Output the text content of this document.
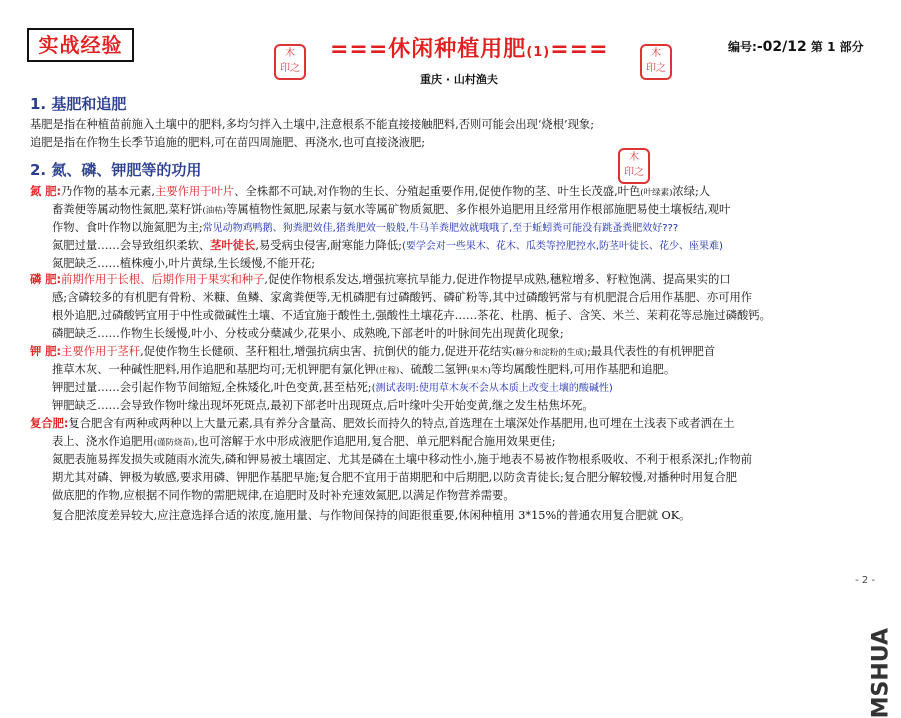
实战经验	木
印之
木
印之
木
印之
===休闲种植用肥(1)===
重庆 · 山村渔夫
编号:-02/12 第 1 部分
1. 基肥和追肥
基肥是指在种植苗前施入土壤中的肥料,多均匀拌入土壤中,注意根系不能直接接触肥料,否则可能会出现‘烧根’现象;
追肥是指在作物生长季节追施的肥料,可在苗四周施肥、再浇水,也可直接浇液肥;
2. 氮、磷、钾肥等的功用
氮 肥:乃作物的基本元素,主要作用于叶片、全株都不可缺,对作物的生长、分殖起重要作用,促使作物的茎、叶生长茂盛,叶色(叶绿素)浓绿;人
畜粪便等属动物性氮肥,菜籽饼(油枯)等属植物性氮肥,尿素与氨水等属矿物质氮肥、多作根外追肥用且经常用作根部施肥易使土壤板结,观叶
作物、食叶作物以施氮肥为主;常见动物鸡鸭鹅、狗粪肥效佳,猪粪肥效一般般,牛马羊粪肥效就哦哦了,至于蚯蚓粪可能没有跳蚤粪肥效好???
氮肥过量……会导致组织柔软、茎叶徒长,易受病虫侵害,耐寒能力降低;(要学会对一些果木、花木、瓜类等控肥控水,防茎叶徒长、花少、座果难)
氮肥缺乏……植株瘦小,叶片黄绿,生长缓慢,不能开花;
磷 肥:前期作用于长根、后期作用于果实和种子,促使作物根系发达,增强抗寒抗旱能力,促进作物提早成熟,穗粒增多、籽粒饱满、提高果实的口
感;含磷较多的有机肥有骨粉、米糠、鱼鳞、家禽粪便等,无机磷肥有过磷酸钙、磷矿粉等,其中过磷酸钙常与有机肥混合后用作基肥、亦可用作
根外追肥,过磷酸钙宜用于中性或微碱性土壤、不适宜施于酸性土,强酸性土壤花卉……茶花、杜鹃、栀子、含笑、米兰、茉莉花等忌施过磷酸钙。
磷肥缺乏……作物生长缓慢,叶小、分枝或分蘖减少,花果小、成熟晚,下部老叶的叶脉间先出现黄化现象;
钾 肥:主要作用于茎秆,促使作物生长健硕、茎秆粗壮,增强抗病虫害、抗倒伏的能力,促进开花结实(糖分和淀粉的生成);最具代表性的有机钾肥首
推草木灰、一种碱性肥料,用作追肥和基肥均可;无机钾肥有氯化钾(庄稼)、硫酸二氢钾(果木)等均属酸性肥料,可用作基肥和追肥。
钾肥过量……会引起作物节间缩短,全株矮化,叶色变黄,甚至枯死;(测试表明:使用草木灰不会从本质上改变土壤的酸碱性)
钾肥缺乏……会导致作物叶缘出现坏死斑点,最初下部老叶出现斑点,后叶缘叶尖开始变黄,继之发生枯焦坏死。
复合肥:复合肥含有两种或两种以上大量元素,具有养分含量高、肥效长而持久的特点,首选理在土壤深处作基肥用,也可埋在土浅表下或者洒在土
表上、浇水作追肥用(谨防烧苗),也可溶解于水中形成液肥作追肥用,复合肥、单元肥料配合施用效果更佳;
氮肥表施易挥发损失或随雨水流失,磷和钾易被土壤固定、尤其是磷在土壤中移动性小,施于地表不易被作物根系吸收、不利于根系深扎;作物前
期尤其对磷、钾极为敏感,要求用磷、钾肥作基肥早施;复合肥不宜用于苗期肥和中后期肥,以防贪青徒长;复合肥分解较慢,对播种时用复合肥
做底肥的作物,应根据不同作物的需肥规律,在追肥时及时补充速效氮肥,以满足作物营养需要。
复合肥浓度差异较大,应注意选择合适的浓度,施用量、与作物间保持的间距很重要,休闲种植用 3*15%的普通农用复合肥就 OK。
- 2 -
MSHUA
